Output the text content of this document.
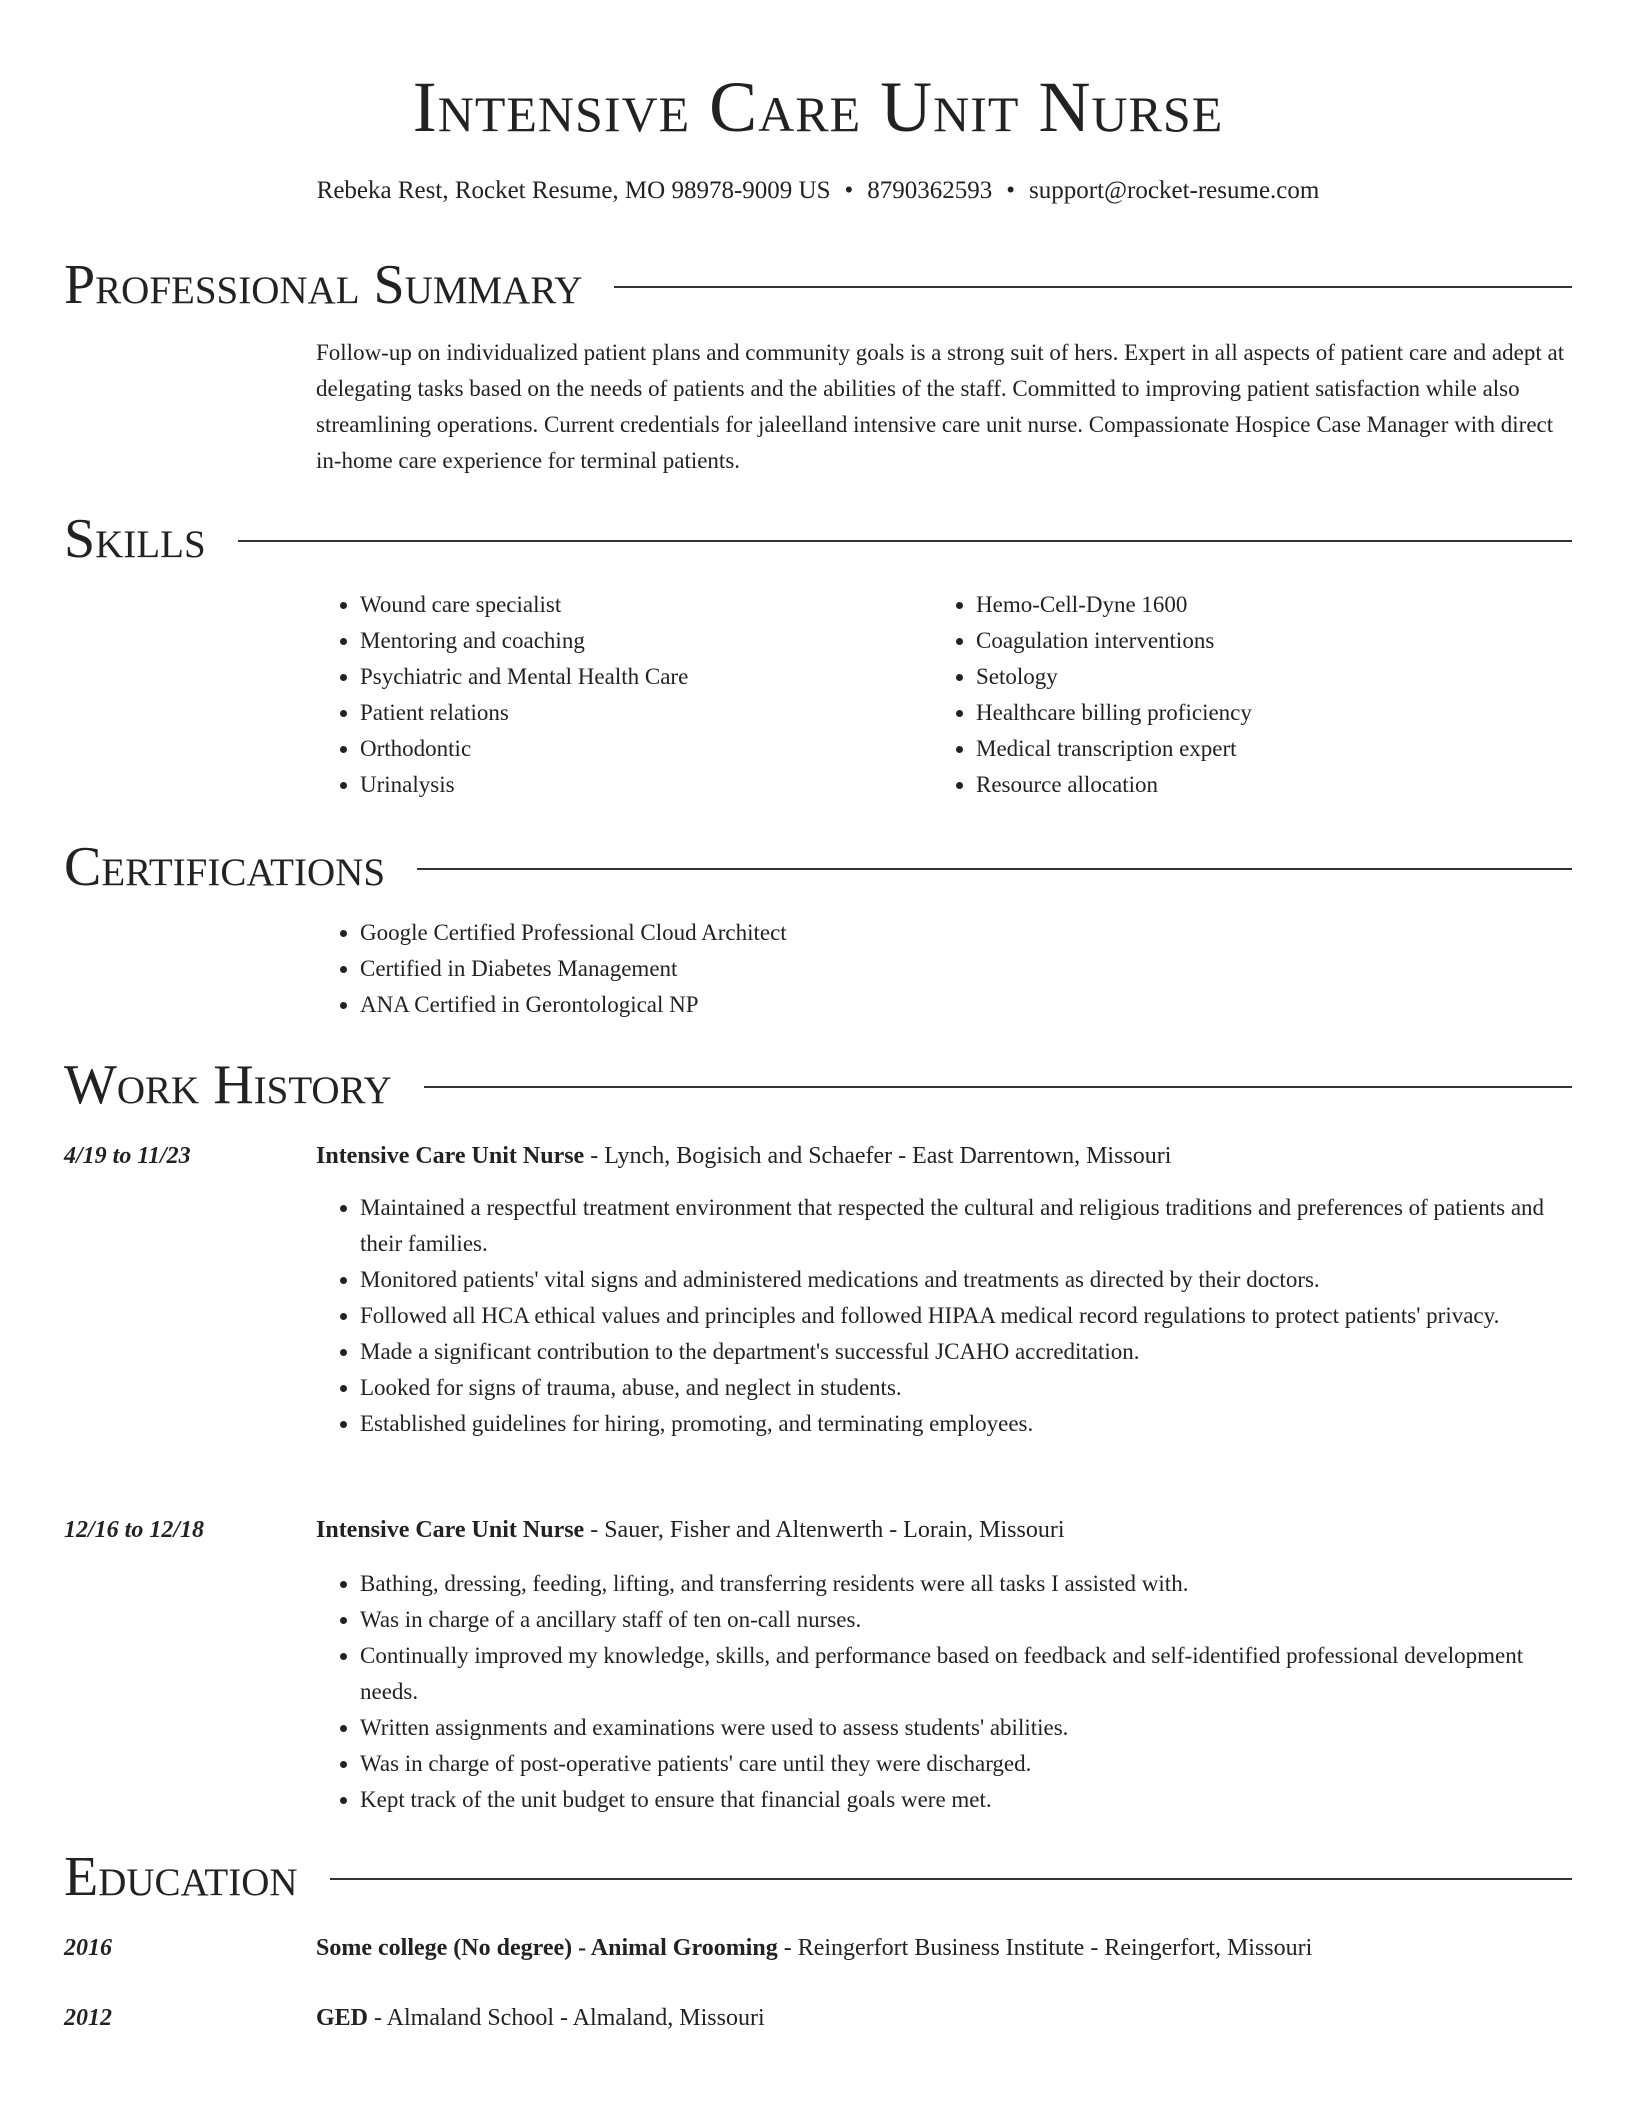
Intensive Care Unit Nurse
Rebeka Rest, Rocket Resume, MO 98978-9009 US • 8790362593 • support@rocket-resume.com
Professional Summary

Follow-up on individualized patient plans and community goals is a strong suit of hers. Expert in all aspects of patient care and adept at delegating tasks based on the needs of patients and the abilities of the staff. Committed to improving patient satisfaction while also streamlining operations. Current credentials for jaleelland intensive care unit nurse. Compassionate Hospice Case Manager with direct in-home care experience for terminal patients.

Skills
• Wound care specialist
• Mentoring and coaching
• Psychiatric and Mental Health Care
• Patient relations
• Orthodontic
• Urinalysis
• Hemo-Cell-Dyne 1600
• Coagulation interventions
• Setology
• Healthcare billing proficiency
• Medical transcription expert
• Resource allocation
Certifications
• Google Certified Professional Cloud Architect
• Certified in Diabetes Management
• ANA Certified in Gerontological NP
Work History
4/19 to 11/23	Intensive Care Unit Nurse - Lynch, Bogisich and Schaefer - East Darrentown, Missouri
• Maintained a respectful treatment environment that respected the cultural and religious traditions and preferences of patients and their families.
• Monitored patients' vital signs and administered medications and treatments as directed by their doctors.
• Followed all HCA ethical values and principles and followed HIPAA medical record regulations to protect patients' privacy.
• Made a significant contribution to the department's successful JCAHO accreditation.
• Looked for signs of trauma, abuse, and neglect in students.
• Established guidelines for hiring, promoting, and terminating employees.
12/16 to 12/18	Intensive Care Unit Nurse - Sauer, Fisher and Altenwerth - Lorain, Missouri
• Bathing, dressing, feeding, lifting, and transferring residents were all tasks I assisted with.
• Was in charge of a ancillary staff of ten on-call nurses.
• Continually improved my knowledge, skills, and performance based on feedback and self-identified professional development needs.
• Written assignments and examinations were used to assess students' abilities.
• Was in charge of post-operative patients' care until they were discharged.
• Kept track of the unit budget to ensure that financial goals were met.
Education
2016	Some college (No degree) - Animal Grooming - Reingerfort Business Institute - Reingerfort, Missouri
2012	GED - Almaland School - Almaland, Missouri
